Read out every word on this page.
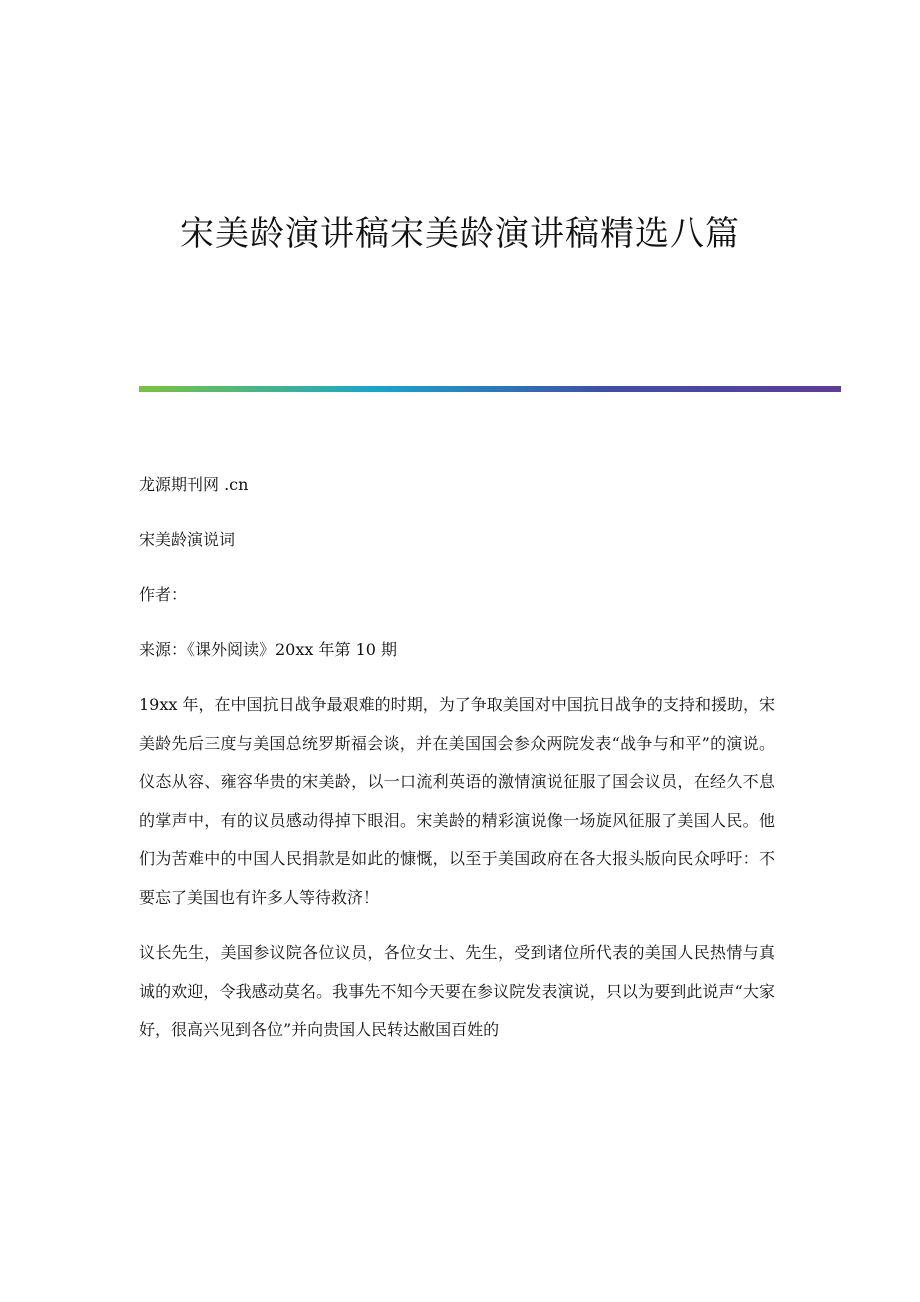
宋美龄演讲稿宋美龄演讲稿精选八篇

龙源期刊网 .cn

宋美龄演说词

作者：

来源：《课外阅读》20xx 年第 10 期

19xx 年，在中国抗日战争最艰难的时期，为了争取美国对中国抗日战争的支持和援助，宋美龄先后三度与美国总统罗斯福会谈，并在美国国会参众两院发表“战争与和平”的演说。仪态从容、雍容华贵的宋美龄，以一口流利英语的激情演说征服了国会议员，在经久不息的掌声中，有的议员感动得掉下眼泪。宋美龄的精彩演说像一场旋风征服了美国人民。他们为苦难中的中国人民捐款是如此的慷慨，以至于美国政府在各大报头版向民众呼吁：不要忘了美国也有许多人等待救济！

议长先生，美国参议院各位议员，各位女士、先生，受到诸位所代表的美国人民热情与真诚的欢迎，令我感动莫名。我事先不知今天要在参议院发表演说，只以为要到此说声“大家好，很高兴见到各位”并向贵国人民转达敝国百姓的
